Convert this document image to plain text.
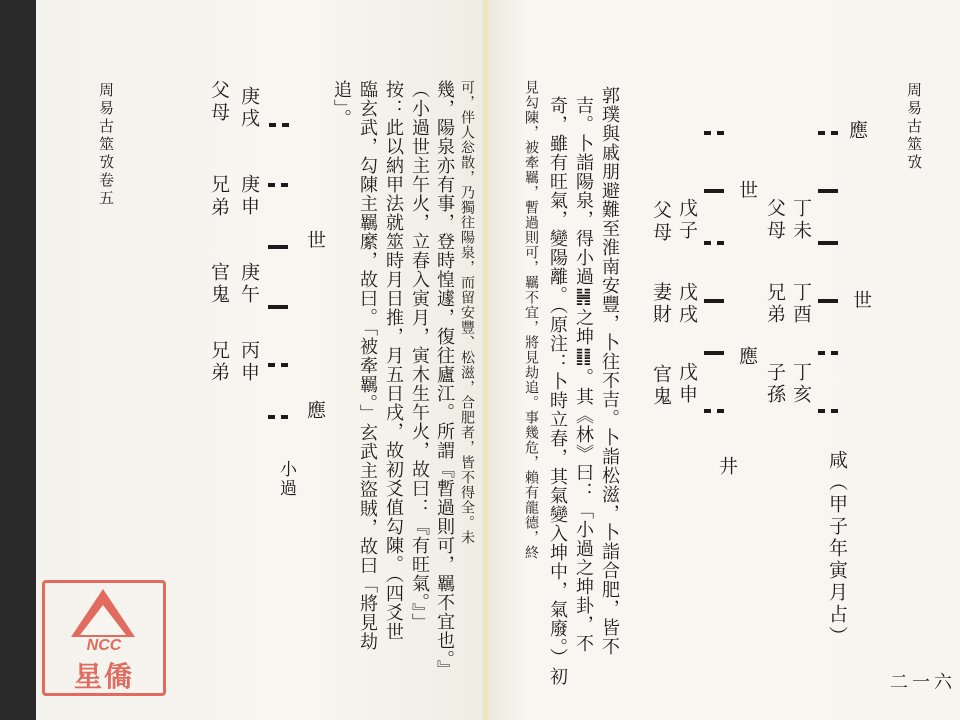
周易古筮攷卷五	父母
兄弟
官鬼
兄弟
庚戌
庚申
庚午
丙申
世
應
小過
追」。 臨玄武，勾陳主羈縻，故曰。「被牽羈。」玄武主盜賊，故曰「將見劫 按：此以納甲法就筮時月日推，月五日戌，故初爻值勾陳。（四爻世 （小過世主午火，立春入寅月，寅木生午火，故曰：『有旺氣。』」 幾，陽泉亦有事，登時惶遽，復往廬江。所謂『暫過則可，羈不宜也。』 可，伴人忩散，乃獨往陽泉，而留安豐、松滋，合肥者，皆不得全。未
NCC
星僑
見勾陳，被牽羈，暫過則可，羈不宜，將見劫追。事幾危，賴有龍德，終 奇，雖有旺氣，變陽離。（原注：卜時立春，其氣變入坤中，氣廢。）初 吉。卜詣陽泉，得小過䷽之坤䷁。其《林》曰：「小過之坤卦，不 郭璞與戚朋避難至淮南安豐，卜往不吉。卜詣松滋，卜詣合肥，皆不 父母
妻財
官鬼
戊子
戊戌
戊申
世
應
井
父母
兄弟
子孫
丁未
丁酉
丁亥
應
世
咸（甲子年寅月占）
周易古筮攷
二一六
